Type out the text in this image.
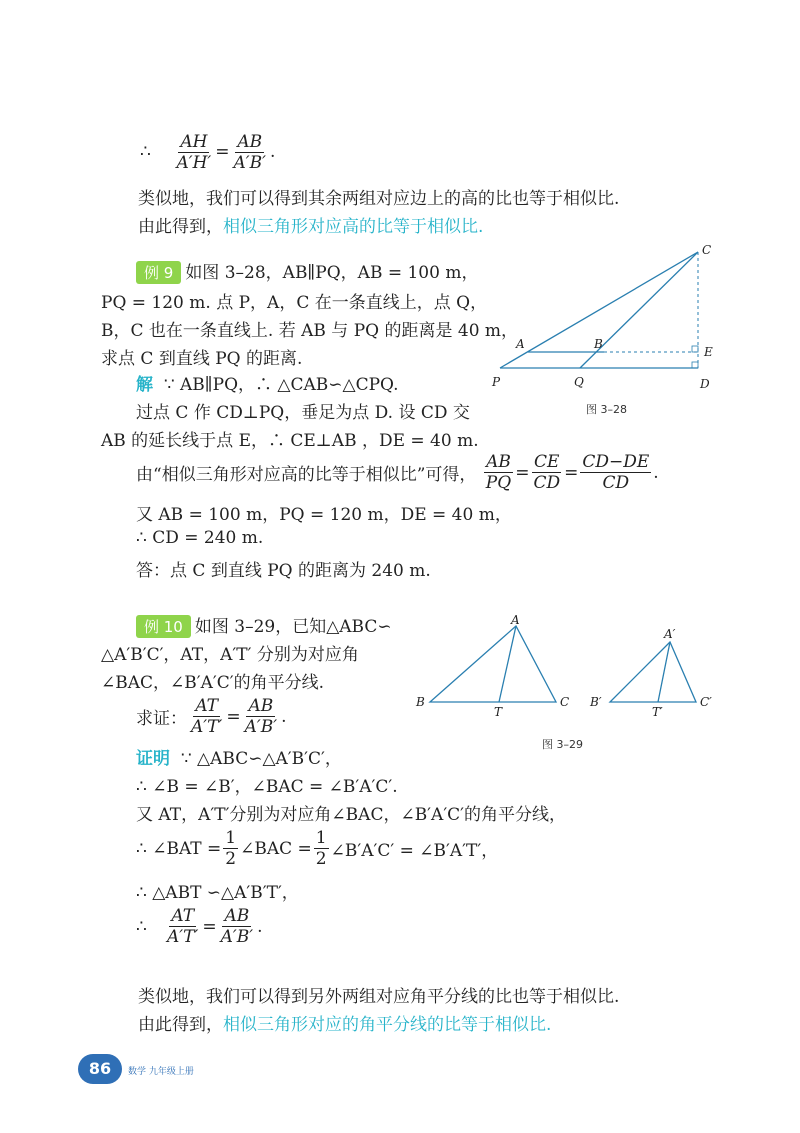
∴ $\frac{AH}{A'H'} = \frac{AB}{A'B'}$ .
类似地，我们可以得到其余两组对应边上的高的比也等于相似比.
由此得到，相似三角形对应高的比等于相似比.
例 9 如图 3–28，AB∥PQ，AB = 100 m，
PQ = 120 m. 点 P，A，C 在一条直线上，点 Q，
B，C 也在一条直线上. 若 AB 与 PQ 的距离是 40 m，
求点 C 到直线 PQ 的距离.
解 ∵ AB∥PQ，∴ △CAB∽△CPQ.
过点 C 作 CD⊥PQ，垂足为点 D. 设 CD 交
AB 的延长线于点 E，∴ CE⊥AB ，DE = 40 m.
由“相似三角形对应高的比等于相似比”可得，
$\frac{AB}{PQ} = \frac{CE}{CD} = \frac{CD-DE}{CD}$ .
又 AB = 100 m，PQ = 120 m，DE = 40 m，
∴ CD = 240 m.
答：点 C 到直线 PQ 的距离为 240 m.
C
A	B
E
P	Q	D
图 3–28
例 10 如图 3–29，已知△ABC∽
△A′B′C′，AT，A′T′ 分别为对应角
∠BAC，∠B′A′C′的角平分线.
求证： $\frac{AT}{A'T'} = \frac{AB}{A'B'}$ .
证明 ∵ △ABC∽△A′B′C′，
∴ ∠B = ∠B′，∠BAC = ∠B′A′C′.
又 AT，A′T′分别为对应角∠BAC，∠B′A′C′的角平分线，
∴ ∠BAT = $\frac{1}{2}$ ∠BAC = $\frac{1}{2}$ ∠B′A′C′ = ∠B′A′T′，
∴ △ABT ∽△A′B′T′，
∴ $\frac{AT}{A'T'} = \frac{AB}{A'B'}$ .
A
B	C
T
A′
B′	C′
T′
图 3–29
类似地，我们可以得到另外两组对应角平分线的比也等于相似比.
由此得到，相似三角形对应的角平分线的比等于相似比.
86	数学 九年级上册
